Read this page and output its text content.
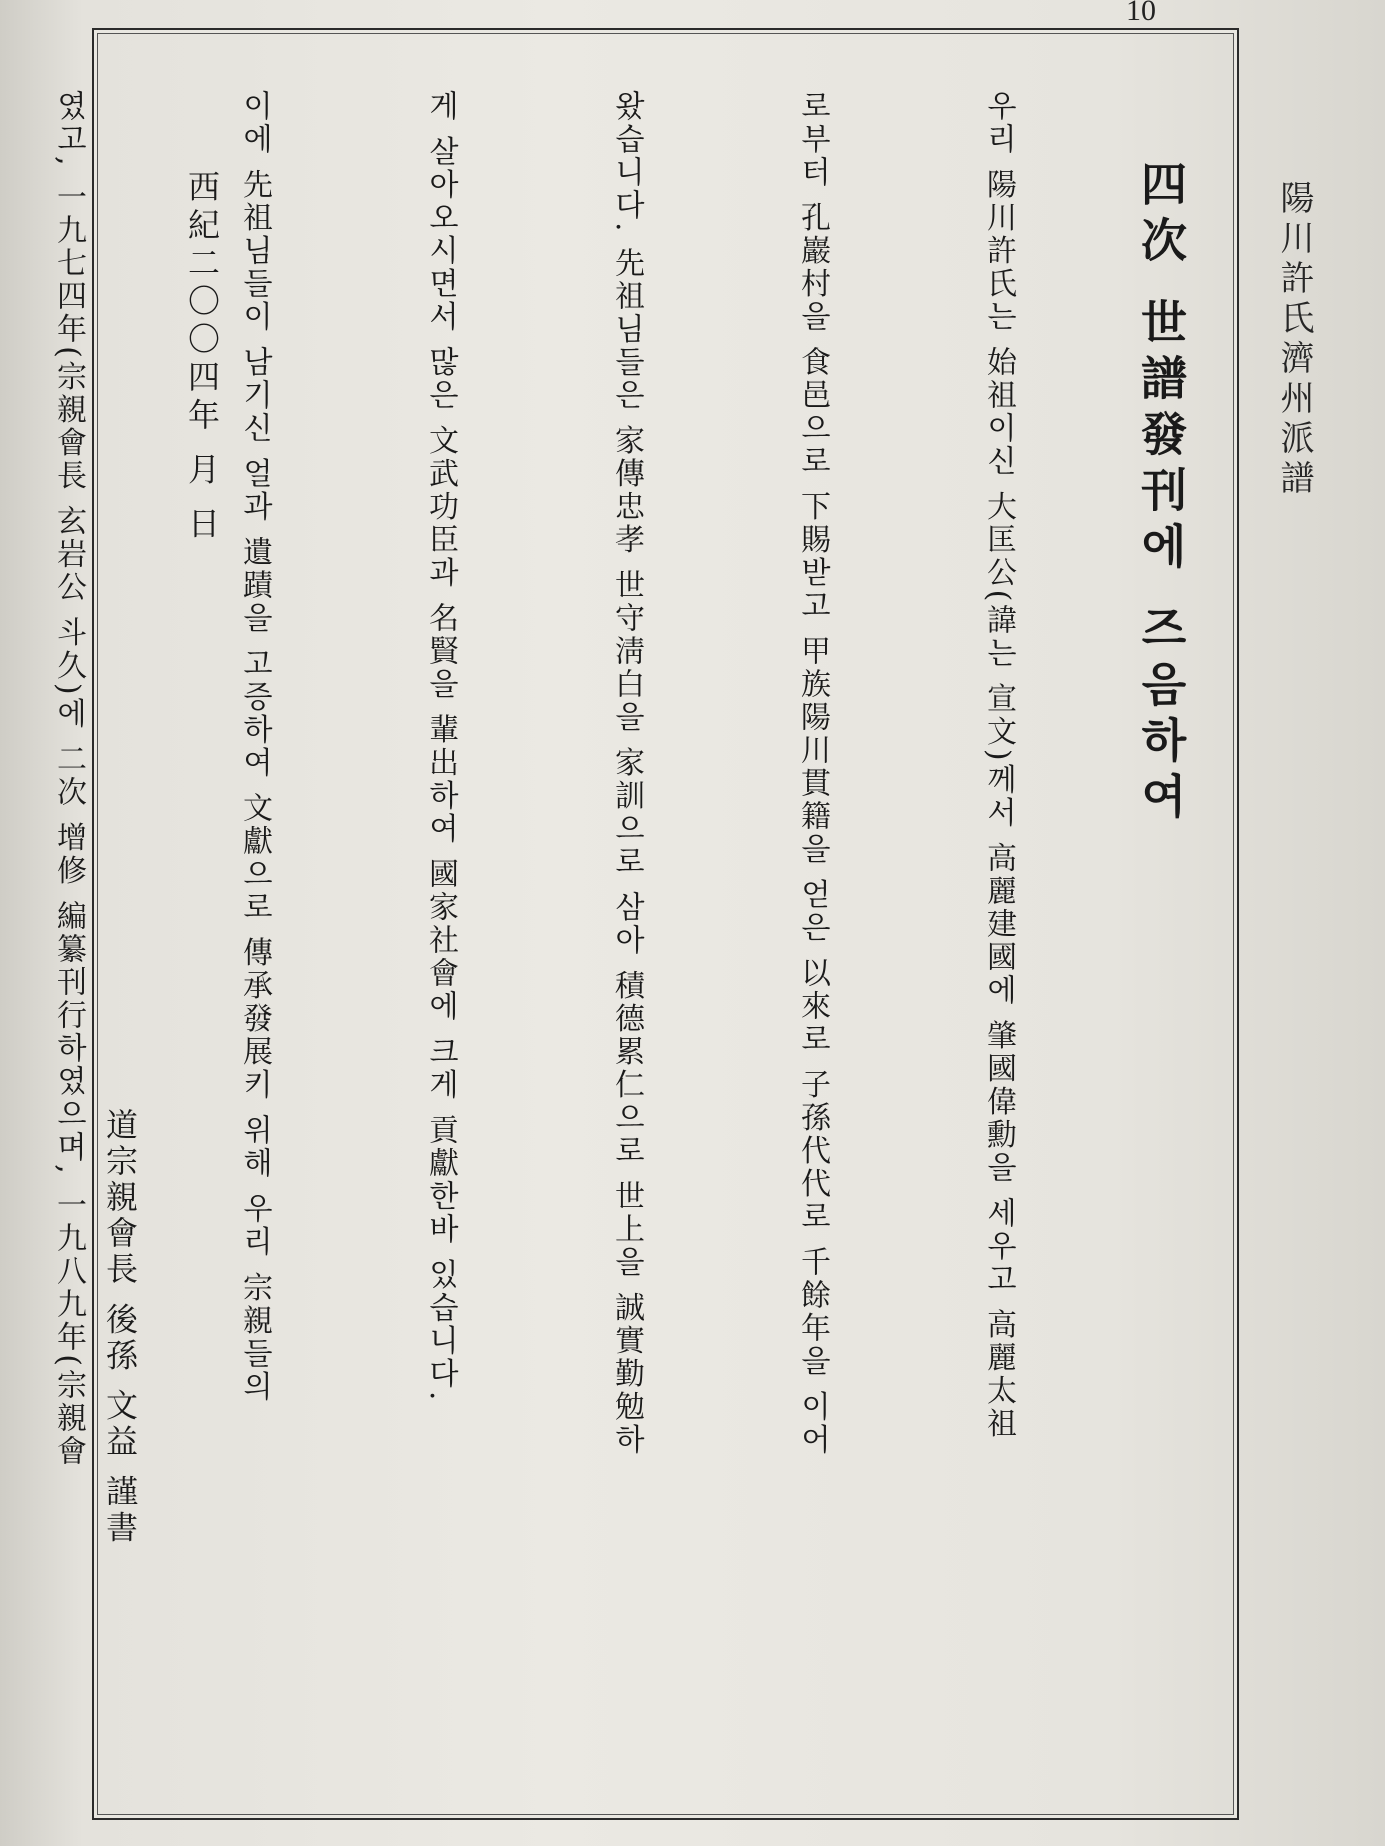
10
陽川許氏濟州派譜
四次 世譜發刊에 즈음하여

우리 陽川許氏는 始祖이신 大匡公(諱는 宣文)께서 高麗建國에 肇國偉勳을 세우고 高麗太祖

로부터 孔巖村을 食邑으로 下賜받고 甲族陽川貫籍을 얻은 以來로 子孫代代로 千餘年을 이어

왔습니다. 先祖님들은 家傳忠孝 世守淸白을 家訓으로 삼아 積德累仁으로 世上을 誠實勤勉하

게 살아오시면서 많은 文武功臣과 名賢을 輩出하여 國家社會에 크게 貢獻한바 있습니다.

이에 先祖님들이 남기신 얼과 遺蹟을 고증하여 文獻으로 傳承發展키 위해 우리 宗親들의

였고, 一九七四年(宗親會長 玄岩公 斗久)에 二次 增修 編纂刊行하였으며, 一九八九年(宗親會

	西紀二〇〇四年 月 日
道宗親會長 後孫 文益 謹書
